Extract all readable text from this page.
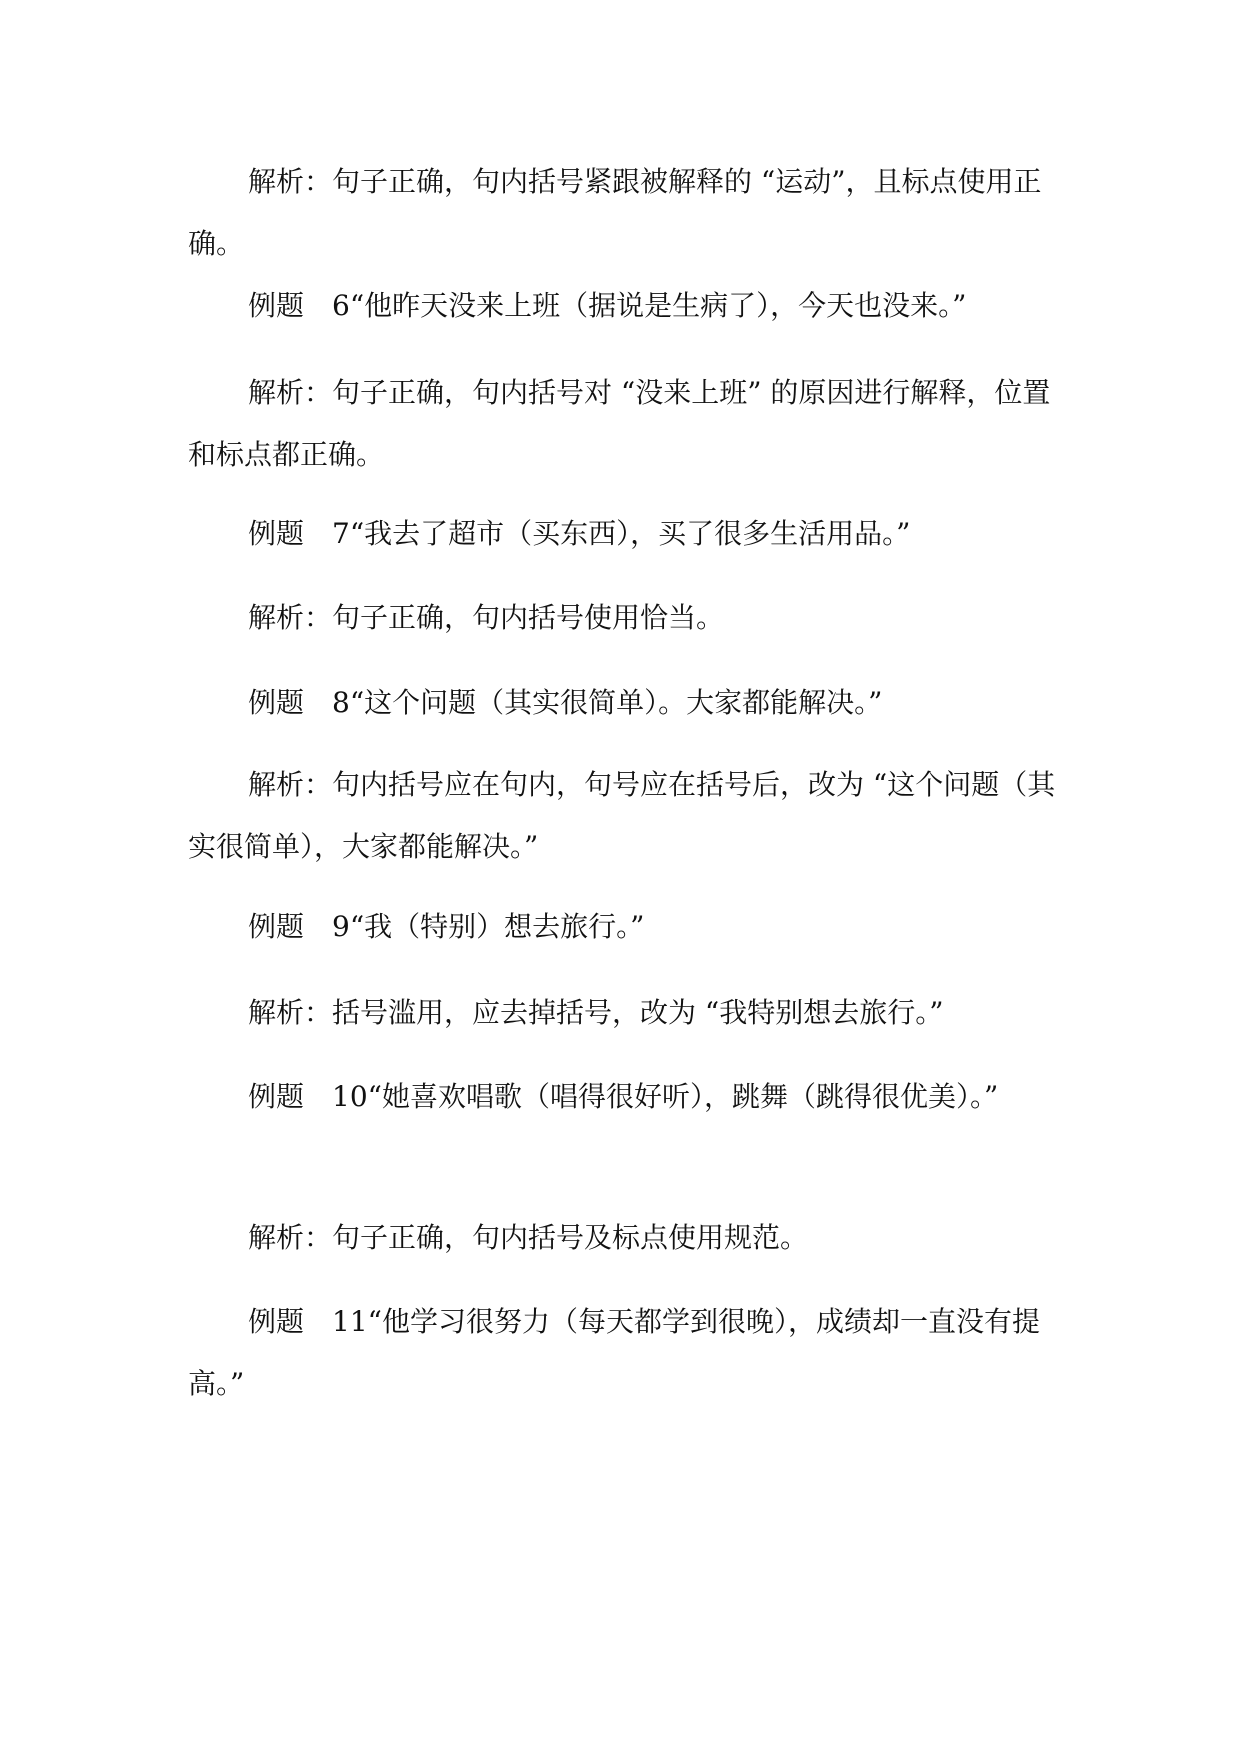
解析：句子正确，句内括号紧跟被解释的 “运动”，且标点使用正确。

例题　6“他昨天没来上班（据说是生病了），今天也没来。”

解析：句子正确，句内括号对 “没来上班” 的原因进行解释，位置和标点都正确。

例题　7“我去了超市（买东西），买了很多生活用品。”

解析：句子正确，句内括号使用恰当。

例题　8“这个问题（其实很简单）。大家都能解决。”

解析：句内括号应在句内，句号应在括号后，改为 “这个问题（其实很简单），大家都能解决。”

例题　9“我（特别）想去旅行。”

解析：括号滥用，应去掉括号，改为 “我特别想去旅行。”

例题　10“她喜欢唱歌（唱得很好听），跳舞（跳得很优美）。”

解析：句子正确，句内括号及标点使用规范。

例题　11“他学习很努力（每天都学到很晚），成绩却一直没有提高。”
